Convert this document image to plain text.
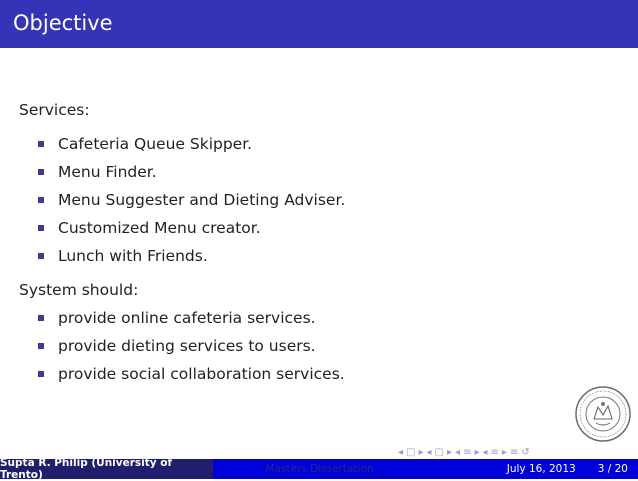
Objective
Services:
Cafeteria Queue Skipper.
Menu Finder.
Menu Suggester and Dieting Adviser.
Customized Menu creator.
Lunch with Friends.
System should:
provide online cafeteria services.
provide dieting services to users.
provide social collaboration services.
◂ □ ▸ ◂ ▢ ▸ ◂ ≡ ▸ ◂ ≡ ▸ ≡ ↺
Supta R. Philip (University of Trento)	Masters Dissertation	July 16, 2013 3 / 20
